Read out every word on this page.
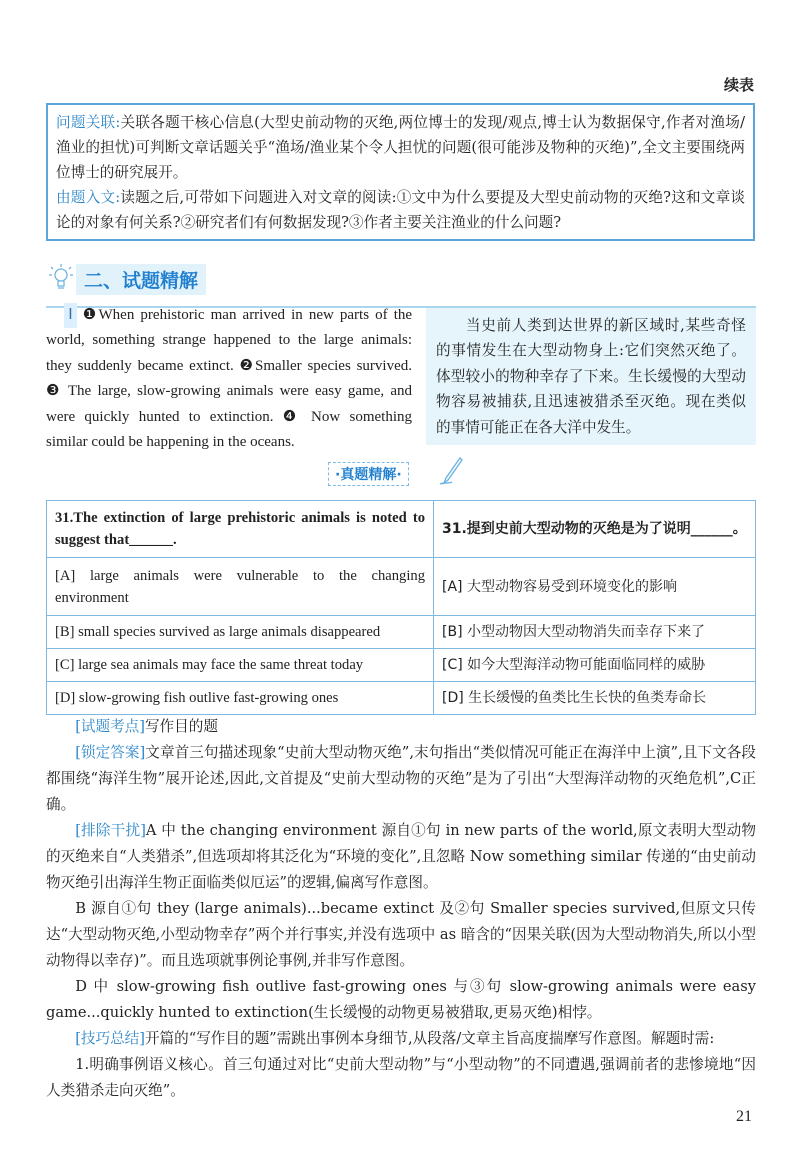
续表

问题关联:关联各题干核心信息(大型史前动物的灭绝,两位博士的发现/观点,博士认为数据保守,作者对渔场/渔业的担忧)可判断文章话题关乎“渔场/渔业某个令人担忧的问题(很可能涉及物种的灭绝)”,全文主要围绕两位博士的研究展开。

由题入文:读题之后,可带如下问题进入对文章的阅读:①文中为什么要提及大型史前动物的灭绝?这和文章谈论的对象有何关系?②研究者们有何数据发现?③作者主要关注渔业的什么问题?

二、试题精解
Ⅰ ❶When prehistoric man arrived in new parts of the world, something strange happened to the large animals: they suddenly became extinct. ❷Smaller species survived. ❸ The large, slow-growing animals were easy game, and were quickly hunted to extinction. ❹ Now something similar could be happening in the oceans.
当史前人类到达世界的新区域时,某些奇怪的事情发生在大型动物身上:它们突然灭绝了。体型较小的物种幸存了下来。生长缓慢的大型动物容易被捕获,且迅速被猎杀至灭绝。现在类似的事情可能正在各大洋中发生。
·真题精解·
31.The extinction of large prehistoric animals is noted to suggest that______.	31.提到史前大型动物的灭绝是为了说明______。
[A] large animals were vulnerable to the changing environment	[A] 大型动物容易受到环境变化的影响
[B] small species survived as large animals disappeared	[B] 小型动物因大型动物消失而幸存下来了
[C] large sea animals may face the same threat today	[C] 如今大型海洋动物可能面临同样的威胁
[D] slow-growing fish outlive fast-growing ones	[D] 生长缓慢的鱼类比生长快的鱼类寿命长

[试题考点]写作目的题

[锁定答案]文章首三句描述现象“史前大型动物灭绝”,末句指出“类似情况可能正在海洋中上演”,且下文各段都围绕“海洋生物”展开论述,因此,文首提及“史前大型动物的灭绝”是为了引出“大型海洋动物的灭绝危机”,C正确。

[排除干扰]A 中 the changing environment 源自①句 in new parts of the world,原文表明大型动物的灭绝来自“人类猎杀”,但选项却将其泛化为“环境的变化”,且忽略 Now something similar 传递的“由史前动物灭绝引出海洋生物正面临类似厄运”的逻辑,偏离写作意图。

B 源自①句 they (large animals)...became extinct 及②句 Smaller species survived,但原文只传达“大型动物灭绝,小型动物幸存”两个并行事实,并没有选项中 as 暗含的“因果关联(因为大型动物消失,所以小型动物得以幸存)”。而且选项就事例论事例,并非写作意图。

D 中 slow-growing fish outlive fast-growing ones 与③句 slow-growing animals were easy game...quickly hunted to extinction(生长缓慢的动物更易被猎取,更易灭绝)相悖。

[技巧总结]开篇的“写作目的题”需跳出事例本身细节,从段落/文章主旨高度揣摩写作意图。解题时需:

1.明确事例语义核心。首三句通过对比“史前大型动物”与“小型动物”的不同遭遇,强调前者的悲惨境地“因人类猎杀走向灭绝”。

21
